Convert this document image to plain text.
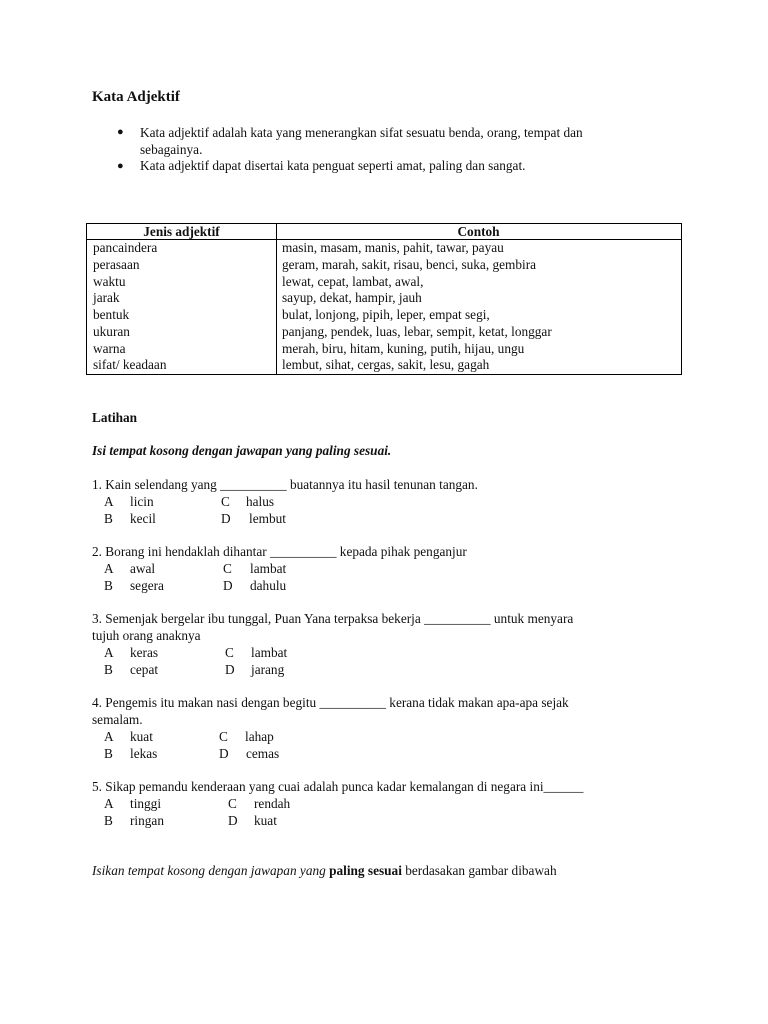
Kata Adjektif
● Kata adjektif adalah kata yang menerangkan sifat sesuatu benda, orang, tempat dan
sebagainya.
● Kata adjektif dapat disertai kata penguat seperti amat, paling dan sangat.
Jenis adjektif	Contoh
pancaindera	masin, masam, manis, pahit, tawar, payau
perasaan	geram, marah, sakit, risau, benci, suka, gembira
waktu	lewat, cepat, lambat, awal,
jarak	sayup, dekat, hampir, jauh
bentuk	bulat, lonjong, pipih, leper, empat segi,
ukuran	panjang, pendek, luas, lebar, sempit, ketat, longgar
warna	merah, biru, hitam, kuning, putih, hijau, ungu
sifat/ keadaan	lembut, sihat, cergas, sakit, lesu, gagah
Latihan
Isi tempat kosong dengan jawapan yang paling sesuai.
1. Kain selendang yang __________ buatannya itu hasil tenunan tangan.
A licin	C halus
B kecil	D lembut
2. Borang ini hendaklah dihantar __________ kepada pihak penganjur
A awal	C lambat
B segera	D dahulu
3. Semenjak bergelar ibu tunggal, Puan Yana terpaksa bekerja __________ untuk menyara
tujuh orang anaknya
A keras	C lambat
B cepat	D jarang
4. Pengemis itu makan nasi dengan begitu __________ kerana tidak makan apa-apa sejak
semalam.
A kuat	C lahap
B lekas	D cemas
5. Sikap pemandu kenderaan yang cuai adalah punca kadar kemalangan di negara ini______
A tinggi	C rendah
B ringan	D kuat
Isikan tempat kosong dengan jawapan yang paling sesuai berdasakan gambar dibawah
